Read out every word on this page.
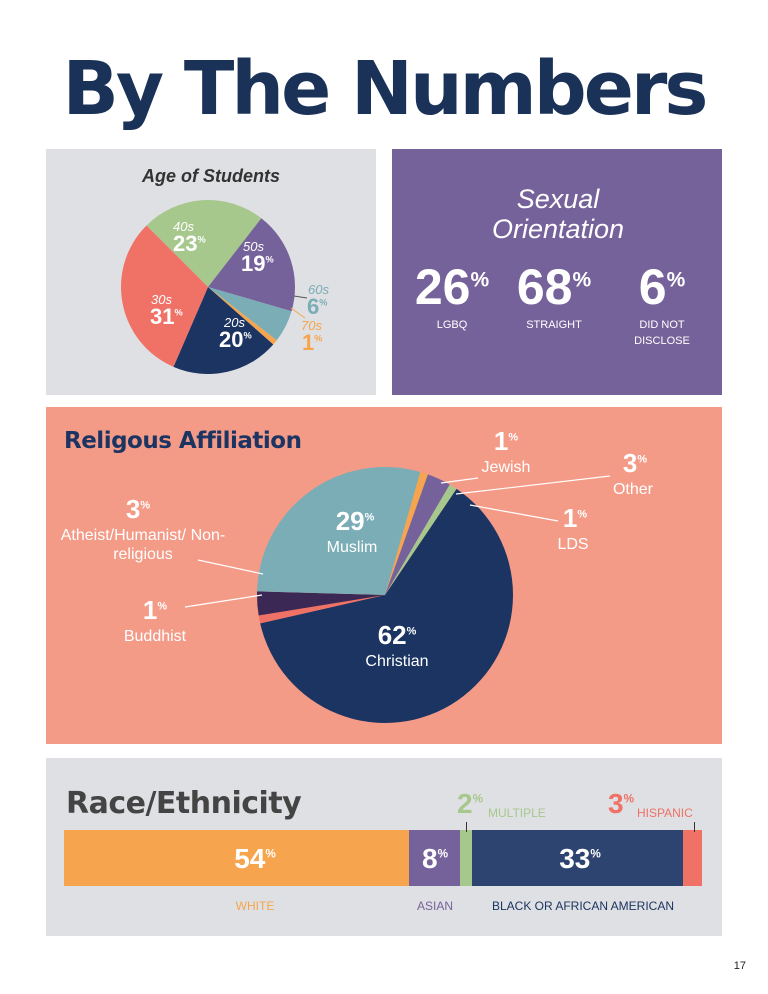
By The Numbers
Age of Students
40s
23%	50s
19%
30s
31%
20s
20%
60s
6%
70s
1%
Sexual Orientation
26% 68% 6%
LGBQ	STRAIGHT	DID NOT DISCLOSE
Religous Affiliation	1%
Jewish	3%
Other
1%
LDS
29%
Muslim
3%
Atheist/Humanist/ Non-religious
1%
Buddhist	62%
Christian
Race/Ethnicity	2%
MULTIPLE 3%
HISPANIC
54%	8%	33%
WHITE	ASIAN	BLACK OR AFRICAN AMERICAN
17
